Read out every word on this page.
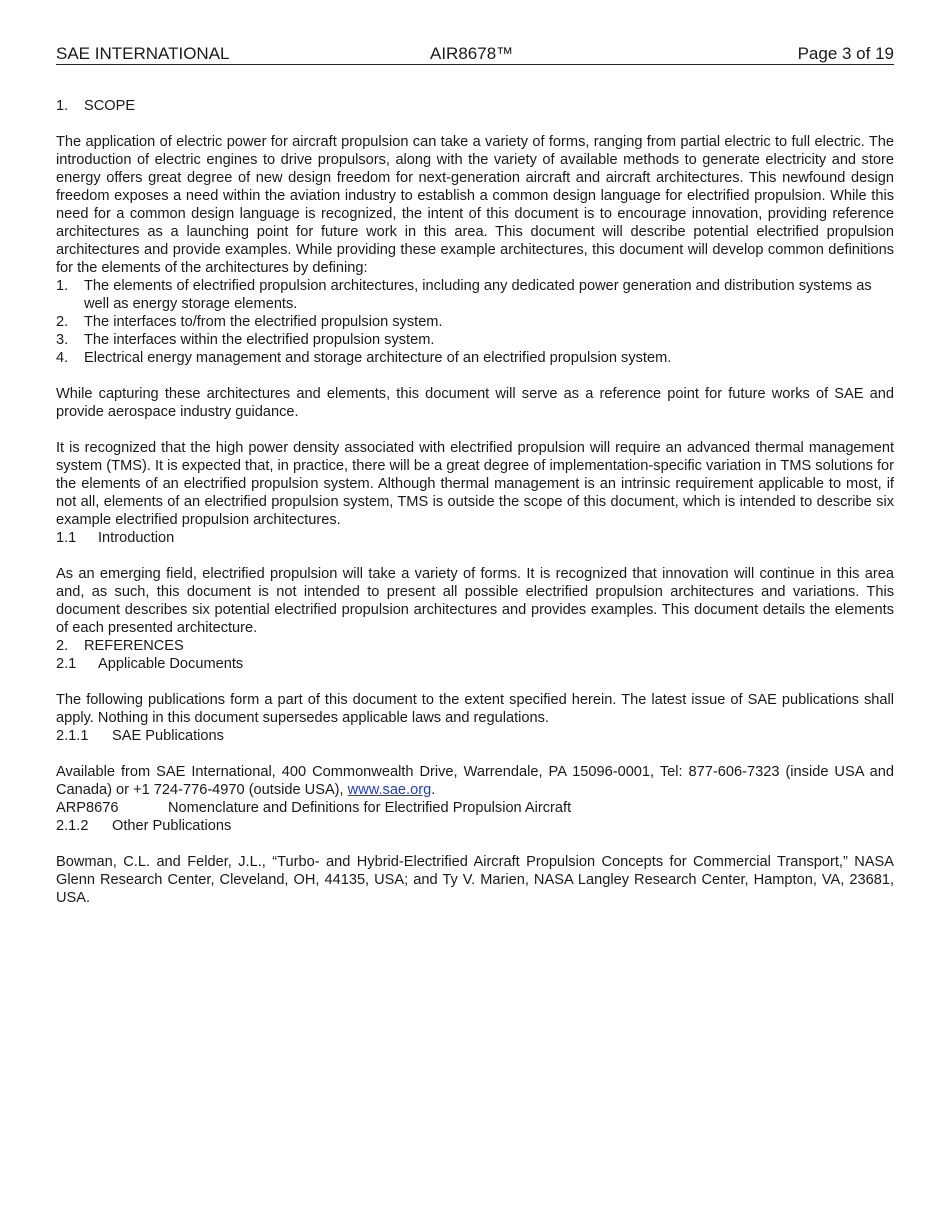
SAE INTERNATIONAL	AIR8678™	Page 3 of 19

1. SCOPE

The application of electric power for aircraft propulsion can take a variety of forms, ranging from partial electric to full electric. The introduction of electric engines to drive propulsors, along with the variety of available methods to generate electricity and store energy offers great degree of new design freedom for next-generation aircraft and aircraft architectures. This newfound design freedom exposes a need within the aviation industry to establish a common design language for electrified propulsion. While this need for a common design language is recognized, the intent of this document is to encourage innovation, providing reference architectures as a launching point for future work in this area. This document will describe potential electrified propulsion architectures and provide examples. While providing these example architectures, this document will develop common definitions for the elements of the architectures by defining:

1.	The elements of electrified propulsion architectures, including any dedicated power generation and distribution systems as well as energy storage elements.

2.	The interfaces to/from the electrified propulsion system.

3.	The interfaces within the electrified propulsion system.

4.	Electrical energy management and storage architecture of an electrified propulsion system.

While capturing these architectures and elements, this document will serve as a reference point for future works of SAE and provide aerospace industry guidance.

It is recognized that the high power density associated with electrified propulsion will require an advanced thermal management system (TMS). It is expected that, in practice, there will be a great degree of implementation-specific variation in TMS solutions for the elements of an electrified propulsion system. Although thermal management is an intrinsic requirement applicable to most, if not all, elements of an electrified propulsion system, TMS is outside the scope of this document, which is intended to describe six example electrified propulsion architectures.

1.1 Introduction

As an emerging field, electrified propulsion will take a variety of forms. It is recognized that innovation will continue in this area and, as such, this document is not intended to present all possible electrified propulsion architectures and variations. This document describes six potential electrified propulsion architectures and provides examples. This document details the elements of each presented architecture.

2. REFERENCES

2.1 Applicable Documents

The following publications form a part of this document to the extent specified herein. The latest issue of SAE publications shall apply. Nothing in this document supersedes applicable laws and regulations.

2.1.1 SAE Publications

Available from SAE International, 400 Commonwealth Drive, Warrendale, PA 15096-0001, Tel: 877-606-7323 (inside USA and Canada) or +1 724-776-4970 (outside USA), www.sae.org.

ARP8676	Nomenclature and Definitions for Electrified Propulsion Aircraft

2.1.2 Other Publications

Bowman, C.L. and Felder, J.L., “Turbo- and Hybrid-Electrified Aircraft Propulsion Concepts for Commercial Transport,” NASA Glenn Research Center, Cleveland, OH, 44135, USA; and Ty V. Marien, NASA Langley Research Center, Hampton, VA, 23681, USA.
